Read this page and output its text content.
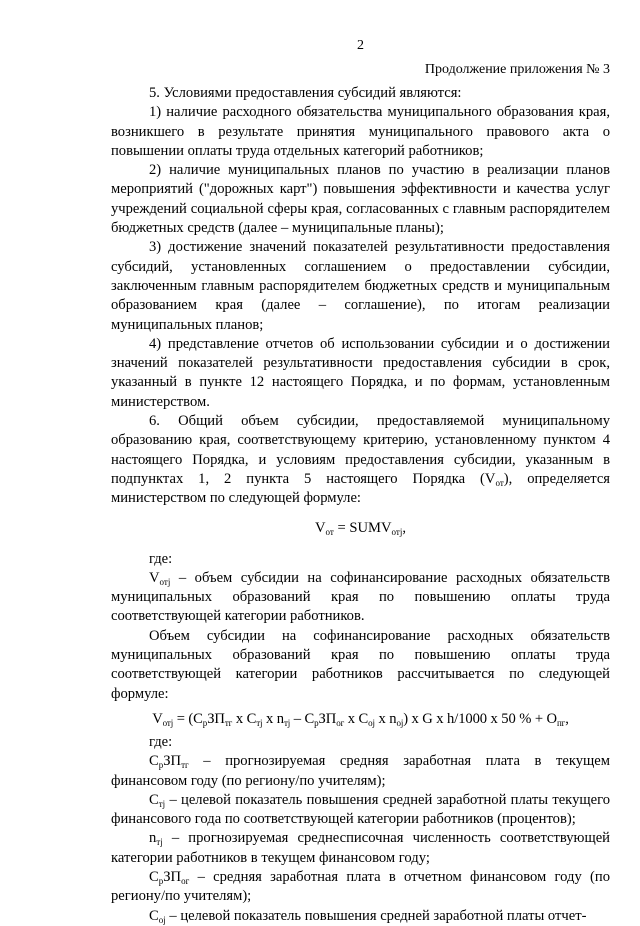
2
Продолжение приложения № 3

5. Условиями предоставления субсидий являются:

1) наличие расходного обязательства муниципального образования края, возникшего в результате принятия муниципального правового акта о повышении оплаты труда отдельных категорий работников;

2) наличие муниципальных планов по участию в реализации планов мероприятий ("дорожных карт") повышения эффективности и качества услуг учреждений социальной сферы края, согласованных с главным распорядителем бюджетных средств (далее – муниципальные планы);

3) достижение значений показателей результативности предоставления субсидий, установленных соглашением о предоставлении субсидии, заключенным главным распорядителем бюджетных средств и муниципальным образованием края (далее – соглашение), по итогам реализации муниципальных планов;

4) представление отчетов об использовании субсидии и о достижении значений показателей результативности предоставления субсидии в срок, указанный в пункте 12 настоящего Порядка, и по формам, установленным министерством.

6. Общий объем субсидии, предоставляемой муниципальному образованию края, соответствующему критерию, установленному пунктом 4 настоящего Порядка, и условиям предоставления субсидии, указанным в подпунктах 1, 2 пункта 5 настоящего Порядка $(V_{от})$, определяется министерством по следующей формуле:

$V_{от}$ = $SUMV_{отj}$,

где:

$V_{отj}$ – объем субсидии на софинансирование расходных обязательств муниципальных образований края по повышению оплаты труда соответствующей категории работников.

Объем субсидии на софинансирование расходных обязательств муниципальных образований края по повышению оплаты труда соответствующей категории работников рассчитывается по следующей формуле:

$V_{отj} = (С_рЗП_{тг}$ х $С_{тj}$ х $n_{тj} - С_рЗП_{ог}$ х $С_{оj}$ х $n_{оj}$) х G х h/1000 х 50 % + $О_{пг}$,

где:

$С_рЗП_{тг}$ – прогнозируемая средняя заработная плата в текущем финансовом году (по региону/по учителям);

$С_{тj}$ – целевой показатель повышения средней заработной платы текущего финансового года по соответствующей категории работников (процентов);

$n_{тj}$ – прогнозируемая среднесписочная численность соответствующей категории работников в текущем финансовом году;

$С_рЗП_{ог}$ – средняя заработная плата в отчетном финансовом году (по региону/по учителям);

$С_{оj}$ – целевой показатель повышения средней заработной платы отчет-
